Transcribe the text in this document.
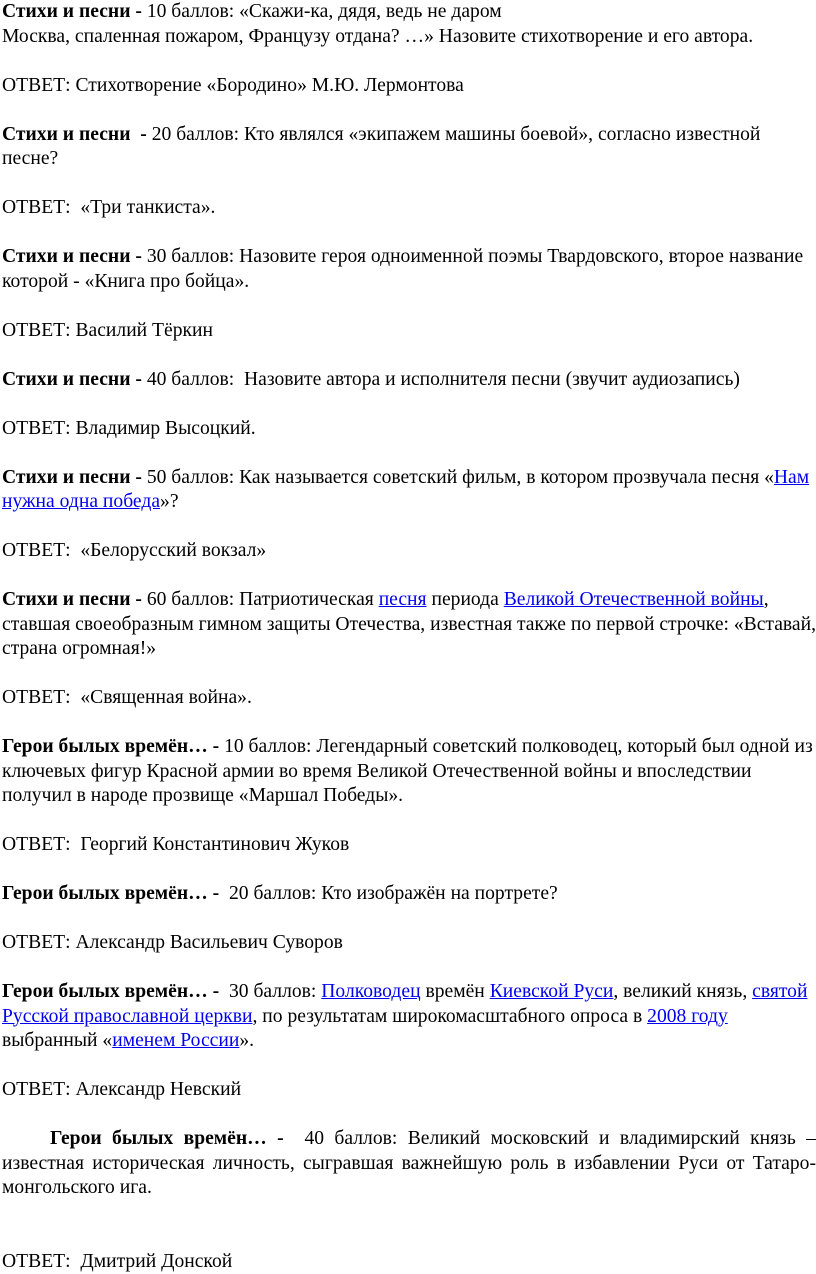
Стихи и песни - 10 баллов: «Скажи-ка, дядя, ведь не даром
Москва, спаленная пожаром, Французу отдана? …» Назовите стихотворение и его автора.

ОТВЕТ: Стихотворение «Бородино» М.Ю. Лермонтова

Стихи и песни  - 20 баллов: Кто являлся «экипажем машины боевой», согласно известной песне?

ОТВЕТ:  «Три танкиста».

Стихи и песни - 30 баллов: Назовите героя одноименной поэмы Твардовского, второе название которой - «Книга про бойца».

ОТВЕТ: Василий Тёркин

Стихи и песни - 40 баллов:  Назовите автора и исполнителя песни (звучит аудиозапись)

ОТВЕТ: Владимир Высоцкий.

Стихи и песни - 50 баллов: Как называется советский фильм, в котором прозвучала песня «Нам нужна одна победа»?

ОТВЕТ:  «Белорусский вокзал»

Стихи и песни - 60 баллов: Патриотическая песня периода Великой Отечественной войны, ставшая своеобразным гимном защиты Отечества, известная также по первой строчке: «Вставай, страна огромная!»

ОТВЕТ:  «Священная война».

Герои былых времён… - 10 баллов: Легендарный советский полководец, который был одной из ключевых фигур Красной армии во время Великой Отечественной войны и впоследствии получил в народе прозвище «Маршал Победы».

ОТВЕТ:  Георгий Константинович Жуков

Герои былых времён… -  20 баллов: Кто изображён на портрете?

ОТВЕТ: Александр Васильевич Суворов

Герои былых времён… -  30 баллов: Полководец времён Киевской Руси, великий князь, святой Русской православной церкви, по результатам широкомасштабного опроса в 2008 году выбранный «именем России».

ОТВЕТ: Александр Невский

Герои былых времён… -  40 баллов: Великий московский и владимирский князь – известная историческая личность, сыгравшая важнейшую роль в избавлении Руси от Татаро-монгольского ига.

ОТВЕТ:  Дмитрий Донской
